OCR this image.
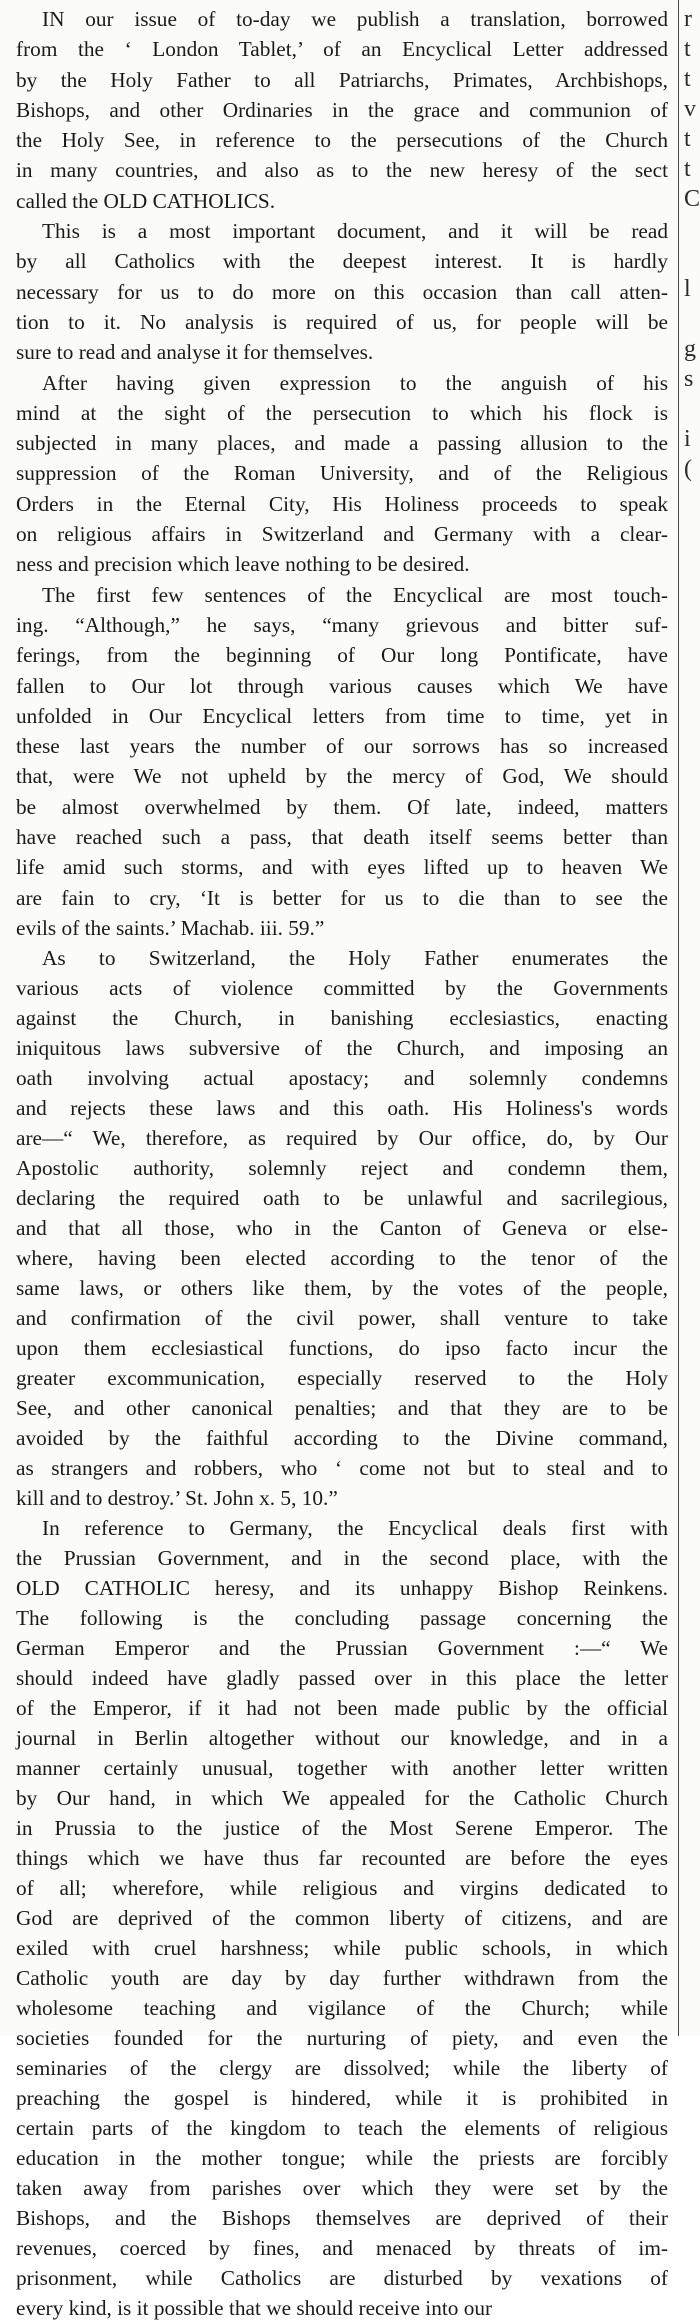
IN our issue of to-day we publish a translation, borrowed
from the ‘ London Tablet,’ of an Encyclical Letter addressed
by the Holy Father to all Patriarchs, Primates, Archbishops,
Bishops, and other Ordinaries in the grace and communion of
the Holy See, in reference to the persecutions of the Church
in many countries, and also as to the new heresy of the sect
called the OLD CATHOLICS.
This is a most important document, and it will be read
by all Catholics with the deepest interest. It is hardly
necessary for us to do more on this occasion than call atten-
tion to it. No analysis is required of us, for people will be
sure to read and analyse it for themselves.
After having given expression to the anguish of his
mind at the sight of the persecution to which his flock is
subjected in many places, and made a passing allusion to the
suppression of the Roman University, and of the Religious
Orders in the Eternal City, His Holiness proceeds to speak
on religious affairs in Switzerland and Germany with a clear-
ness and precision which leave nothing to be desired.
The first few sentences of the Encyclical are most touch-
ing. “Although,” he says, “many grievous and bitter suf-
ferings, from the beginning of Our long Pontificate, have
fallen to Our lot through various causes which We have
unfolded in Our Encyclical letters from time to time, yet in
these last years the number of our sorrows has so increased
that, were We not upheld by the mercy of God, We should
be almost overwhelmed by them. Of late, indeed, matters
have reached such a pass, that death itself seems better than
life amid such storms, and with eyes lifted up to heaven We
are fain to cry, ‘It is better for us to die than to see the
evils of the saints.’ Machab. iii. 59.”
As to Switzerland, the Holy Father enumerates the
various acts of violence committed by the Governments
against the Church, in banishing ecclesiastics, enacting
iniquitous laws subversive of the Church, and imposing an
oath involving actual apostacy; and solemnly condemns
and rejects these laws and this oath. His Holiness's words
are—“ We, therefore, as required by Our office, do, by Our
Apostolic authority, solemnly reject and condemn them,
declaring the required oath to be unlawful and sacrilegious,
and that all those, who in the Canton of Geneva or else-
where, having been elected according to the tenor of the
same laws, or others like them, by the votes of the people,
and confirmation of the civil power, shall venture to take
upon them ecclesiastical functions, do ipso facto incur the
greater excommunication, especially reserved to the Holy
See, and other canonical penalties; and that they are to be
avoided by the faithful according to the Divine command,
as strangers and robbers, who ‘ come not but to steal and to
kill and to destroy.’ St. John x. 5, 10.”
In reference to Germany, the Encyclical deals first with
the Prussian Government, and in the second place, with the
OLD CATHOLIC heresy, and its unhappy Bishop Reinkens.
The following is the concluding passage concerning the
German Emperor and the Prussian Government :—“ We
should indeed have gladly passed over in this place the letter
of the Emperor, if it had not been made public by the official
journal in Berlin altogether without our knowledge, and in a
manner certainly unusual, together with another letter written
by Our hand, in which We appealed for the Catholic Church
in Prussia to the justice of the Most Serene Emperor. The
things which we have thus far recounted are before the eyes
of all; wherefore, while religious and virgins dedicated to
God are deprived of the common liberty of citizens, and are
exiled with cruel harshness; while public schools, in which
Catholic youth are day by day further withdrawn from the
wholesome teaching and vigilance of the Church; while
societies founded for the nurturing of piety, and even the
seminaries of the clergy are dissolved; while the liberty of
preaching the gospel is hindered, while it is prohibited in
certain parts of the kingdom to teach the elements of religious
education in the mother tongue; while the priests are forcibly
taken away from parishes over which they were set by the
Bishops, and the Bishops themselves are deprived of their
revenues, coerced by fines, and menaced by threats of im-
prisonment, while Catholics are disturbed by vexations of
every kind, is it possible that we should receive into our
r
t
t
v
t
t
C
l
g
s
i
(
